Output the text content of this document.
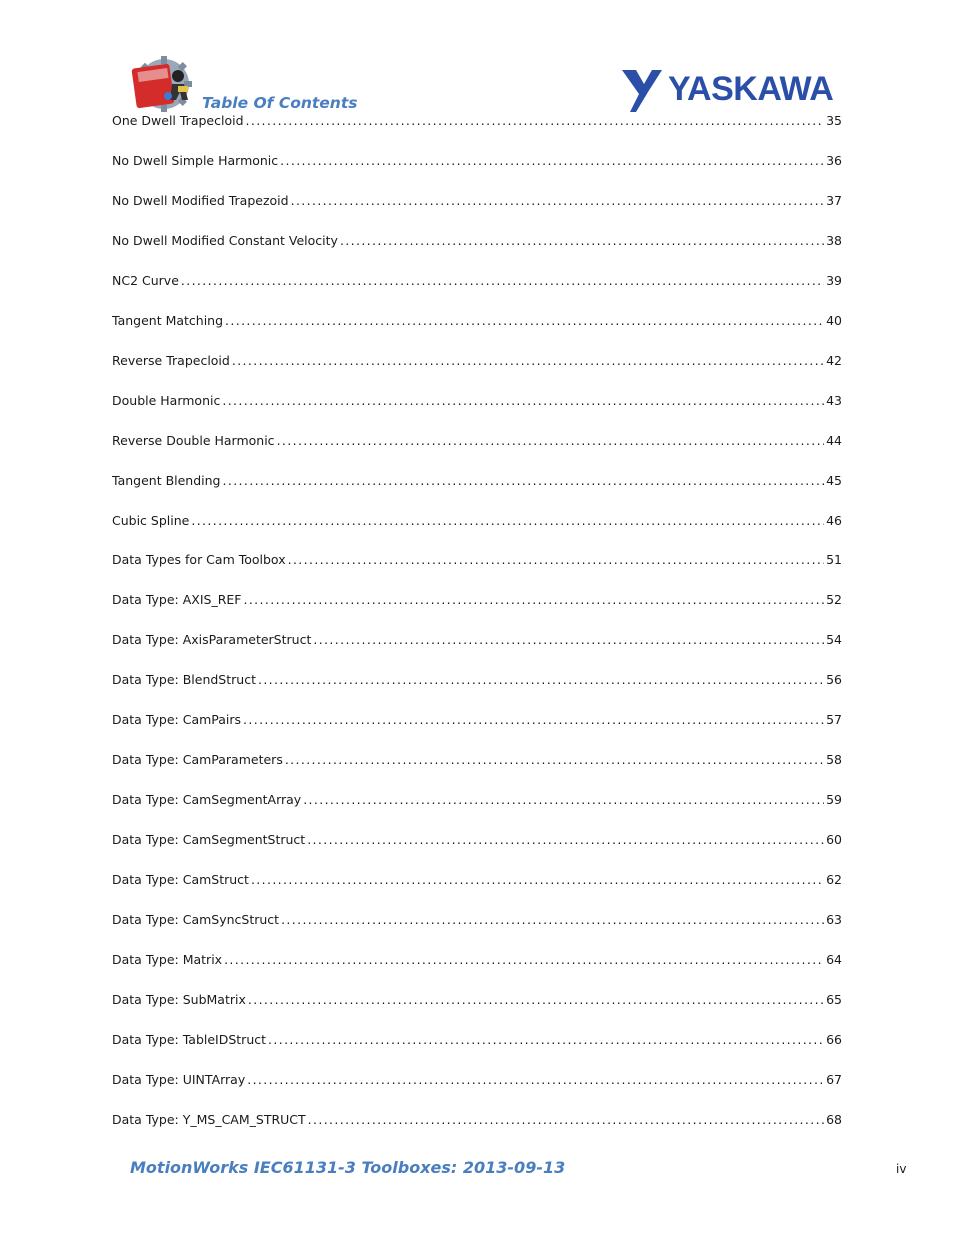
Table Of Contents	YASKAWA
One Dwell Trapecloid . . .	35
No Dwell Simple Harmonic . . .	36
No Dwell Modified Trapezoid . . .	37
No Dwell Modified Constant Velocity . . .	38
NC2 Curve . . .	39
Tangent Matching . . .	40
Reverse Trapecloid . . .	42
Double Harmonic . . .	43
Reverse Double Harmonic . . .	44
Tangent Blending . . .	45
Cubic Spline . . .	46
Data Types for Cam Toolbox . . .	51
Data Type: AXIS_REF . . .	52
Data Type: AxisParameterStruct . . .	54
Data Type: BlendStruct . . .	56
Data Type: CamPairs . . .	57
Data Type: CamParameters . . .	58
Data Type: CamSegmentArray . . .	59
Data Type: CamSegmentStruct . . .	60
Data Type: CamStruct . . .	62
Data Type: CamSyncStruct . . .	63
Data Type: Matrix . . .	64
Data Type: SubMatrix . . .	65
Data Type: TableIDStruct . . .	66
Data Type: UINTArray . . .	67
Data Type: Y_MS_CAM_STRUCT . . .	68
MotionWorks IEC61131-3 Toolboxes: 2013-09-13	iv
